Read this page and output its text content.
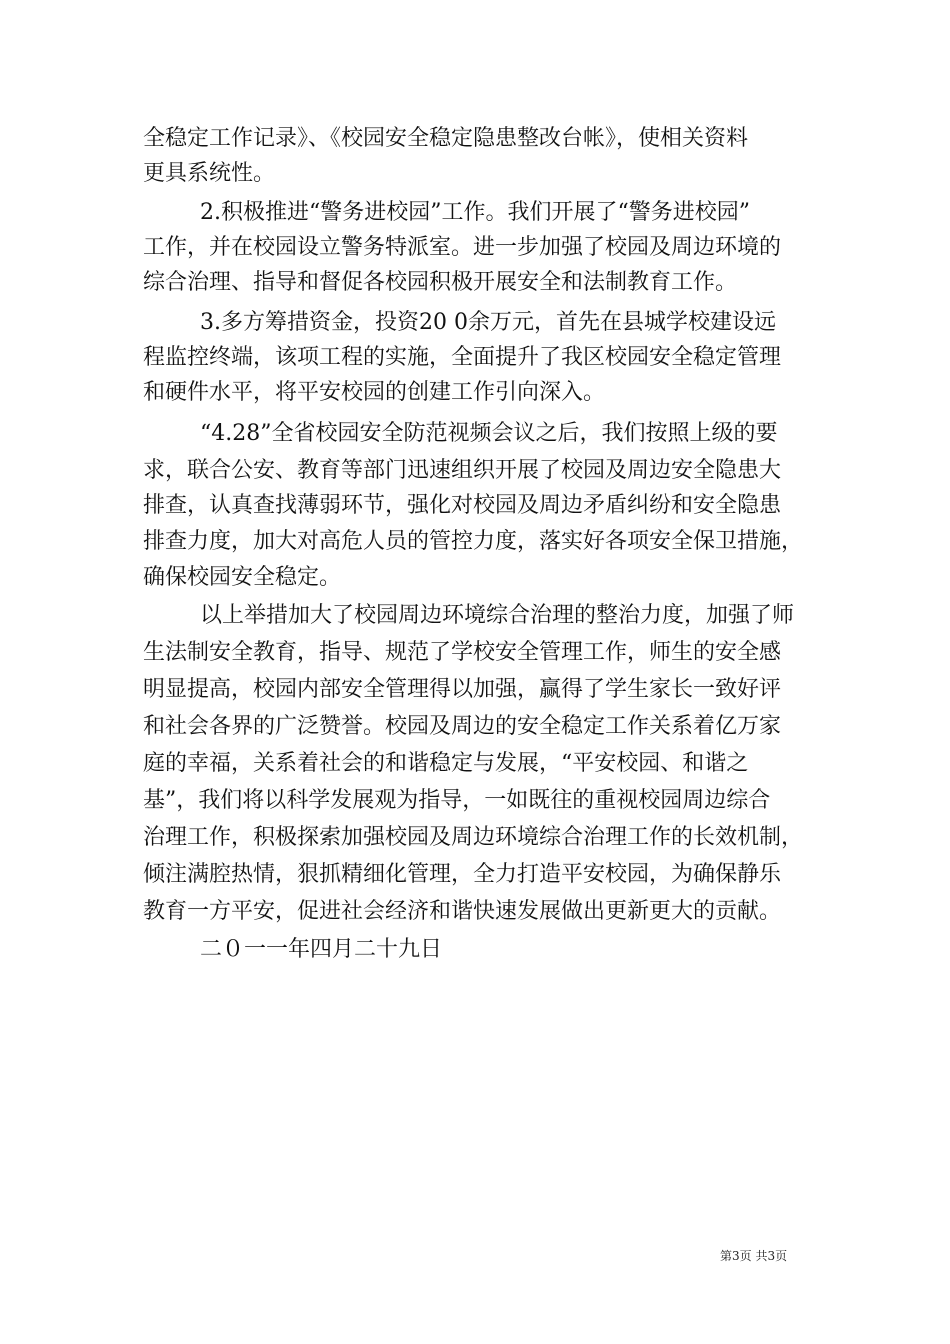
全稳定工作记录》、《校园安全稳定隐患整改台帐》，使相关资料
更具系统性。
2.积极推进“警务进校园”工作。我们开展了“警务进校园”
工作，并在校园设立警务特派室。进一步加强了校园及周边环境的
综合治理、指导和督促各校园积极开展安全和法制教育工作。
3.多方筹措资金，投资20 0余万元，首先在县城学校建设远
程监控终端，该项工程的实施，全面提升了我区校园安全稳定管理
和硬件水平，将平安校园的创建工作引向深入。
“4.28”全省校园安全防范视频会议之后，我们按照上级的要
求，联合公安、教育等部门迅速组织开展了校园及周边安全隐患大
排查，认真查找薄弱环节，强化对校园及周边矛盾纠纷和安全隐患
排查力度，加大对高危人员的管控力度，落实好各项安全保卫措施，
确保校园安全稳定。
以上举措加大了校园周边环境综合治理的整治力度，加强了师
生法制安全教育，指导、规范了学校安全管理工作，师生的安全感
明显提高，校园内部安全管理得以加强，赢得了学生家长一致好评
和社会各界的广泛赞誉。校园及周边的安全稳定工作关系着亿万家
庭的幸福，关系着社会的和谐稳定与发展，“平安校园、和谐之
基”，我们将以科学发展观为指导，一如既往的重视校园周边综合
治理工作，积极探索加强校园及周边环境综合治理工作的长效机制，
倾注满腔热情，狠抓精细化管理，全力打造平安校园，为确保静乐
教育一方平安，促进社会经济和谐快速发展做出更新更大的贡献。
二０一一年四月二十九日
第3页 共3页
